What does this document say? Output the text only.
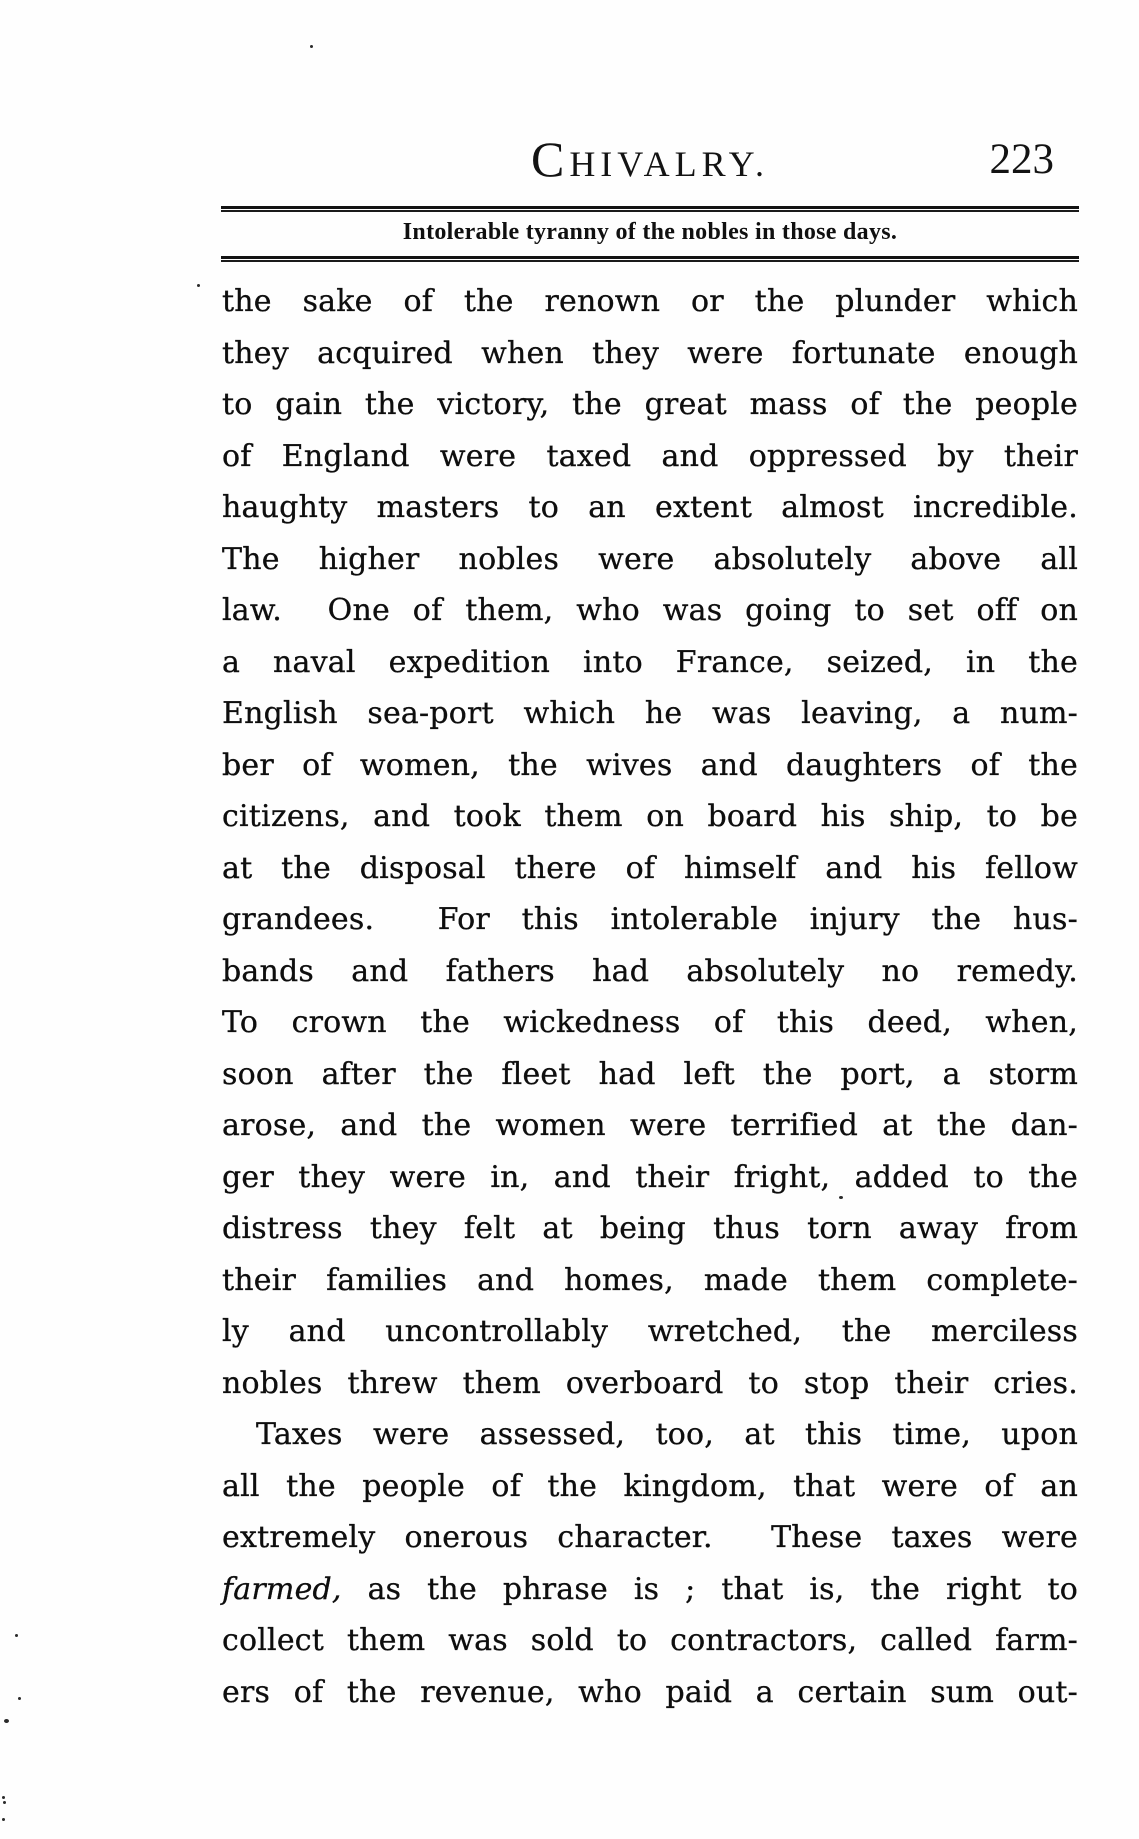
CHIVALRY.	223
Intolerable tyranny of the nobles in those days.
the sake of the renown or the plunder which
they acquired when they were fortunate enough
to gain the victory, the great mass of the people
of England were taxed and oppressed by their
haughty masters to an extent almost incredible.
The higher nobles were absolutely above all
law.  One of them, who was going to set off on
a naval expedition into France, seized, in the
English sea-port which he was leaving, a num-
ber of women, the wives and daughters of the
citizens, and took them on board his ship, to be
at the disposal there of himself and his fellow
grandees.  For this intolerable injury the hus-
bands and fathers had absolutely no remedy.
To crown the wickedness of this deed, when,
soon after the fleet had left the port, a storm
arose, and the women were terrified at the dan-
ger they were in, and their fright, added to the
distress they felt at being thus torn away from
their families and homes, made them complete-
ly and uncontrollably wretched, the merciless
nobles threw them overboard to stop their cries.
Taxes were assessed, too, at this time, upon
all the people of the kingdom, that were of an
extremely onerous character.  These taxes were
farmed, as the phrase is ; that is, the right to
collect them was sold to contractors, called farm-
ers of the revenue, who paid a certain sum out-
